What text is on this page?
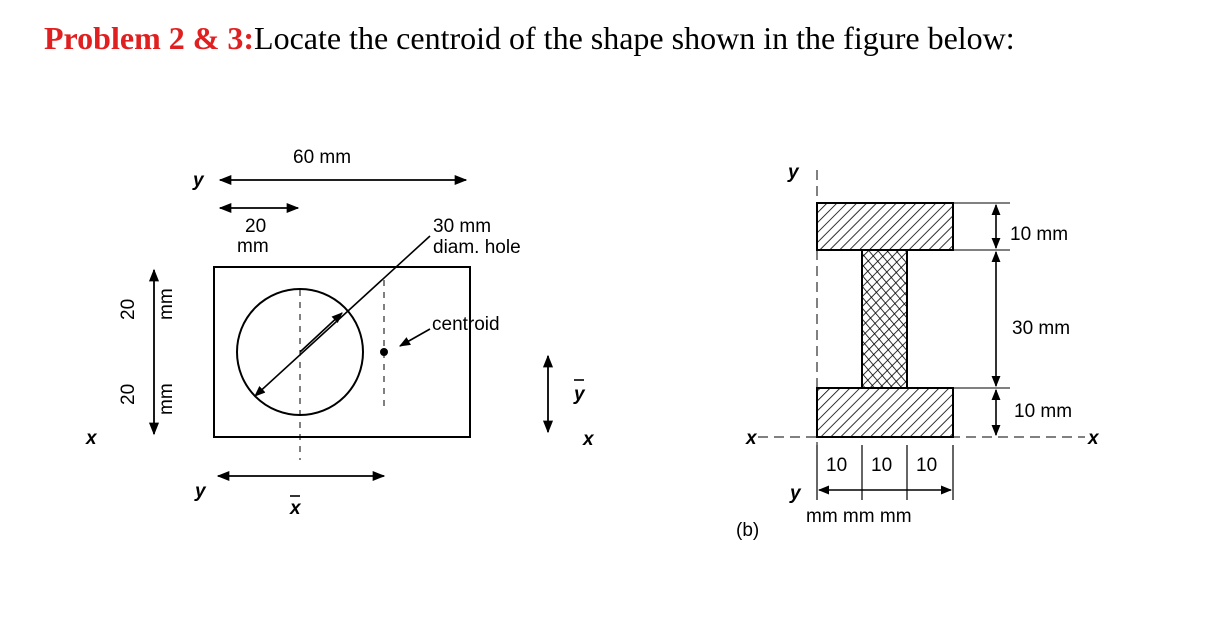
Problem 2 & 3:Locate the centroid of the shape shown in the figure below:
60 mm
20
mm
30 mm
diam. hole
centroid
x
y
x
y
y
x
20 mm
20 mm
10 mm
30 mm
10 mm
y
x	x
y
10 10 10
mm mm mm
(b)
